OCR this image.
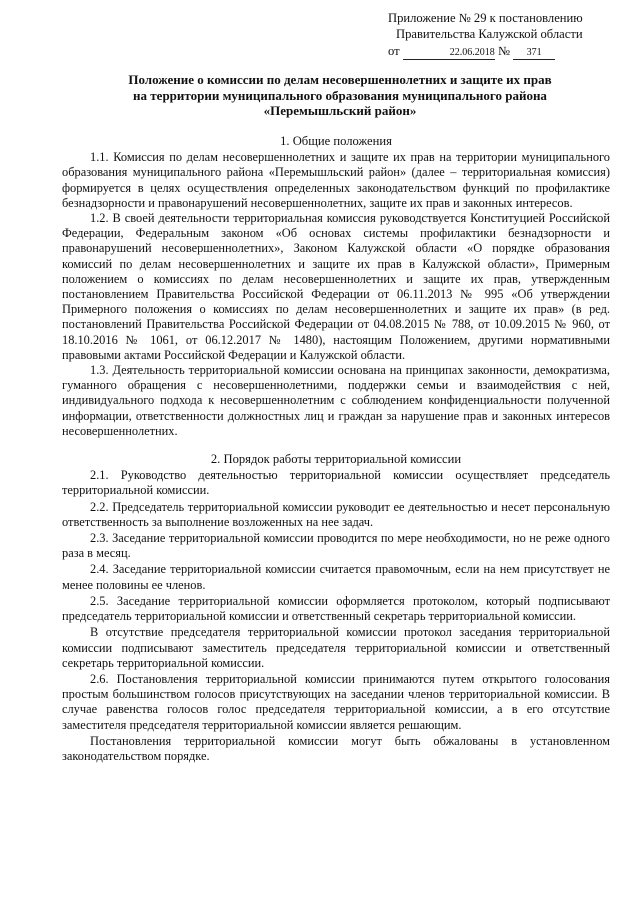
Приложение № 29 к постановлению
Правительства Калужской области
от	22.06.2018 № 371
Положение о комиссии по делам несовершеннолетних и защите их прав
на территории муниципального образования муниципального района
«Перемышльский район»
1. Общие положения

1.1. Комиссия по делам несовершеннолетних и защите их прав на территории муниципального образования муниципального района «Перемышльский район» (далее – территориальная комиссия) формируется в целях осуществления определенных законодательством функций по профилактике безнадзорности и правонарушений несовершеннолетних, защите их прав и законных интересов.

1.2. В своей деятельности территориальная комиссия руководствуется Конституцией Российской Федерации, Федеральным законом «Об основах системы профилактики безнадзорности и правонарушений несовершеннолетних», Законом Калужской области «О порядке образования комиссий по делам несовершеннолетних и защите их прав в Калужской области», Примерным положением о комиссиях по делам несовершеннолетних и защите их прав, утвержденным постановлением Правительства Российской Федерации от 06.11.2013 № 995 «Об утверждении Примерного положения о комиссиях по делам несовершеннолетних и защите их прав» (в ред. постановлений Правительства Российской Федерации от 04.08.2015 № 788, от 10.09.2015 № 960, от 18.10.2016 № 1061, от 06.12.2017 № 1480), настоящим Положением, другими нормативными правовыми актами Российской Федерации и Калужской области.

1.3. Деятельность территориальной комиссии основана на принципах законности, демократизма, гуманного обращения с несовершеннолетними, поддержки семьи и взаимодействия с ней, индивидуального подхода к несовершеннолетним с соблюдением конфиденциальности полученной информации, ответственности должностных лиц и граждан за нарушение прав и законных интересов несовершеннолетних.

2. Порядок работы территориальной комиссии

2.1. Руководство деятельностью территориальной комиссии осуществляет председатель территориальной комиссии.

2.2. Председатель территориальной комиссии руководит ее деятельностью и несет персональную ответственность за выполнение возложенных на нее задач.

2.3. Заседание территориальной комиссии проводится по мере необходимости, но не реже одного раза в месяц.

2.4. Заседание территориальной комиссии считается правомочным, если на нем присутствует не менее половины ее членов.

2.5. Заседание территориальной комиссии оформляется протоколом, который подписывают председатель территориальной комиссии и ответственный секретарь территориальной комиссии.

В отсутствие председателя территориальной комиссии протокол заседания территориальной комиссии подписывают заместитель председателя территориальной комиссии и ответственный секретарь территориальной комиссии.

2.6. Постановления территориальной комиссии принимаются путем открытого голосования простым большинством голосов присутствующих на заседании членов территориальной комиссии. В случае равенства голосов голос председателя территориальной комиссии, а в его отсутствие заместителя председателя территориальной комиссии является решающим.

Постановления территориальной комиссии могут быть обжалованы в установленном законодательством порядке.
